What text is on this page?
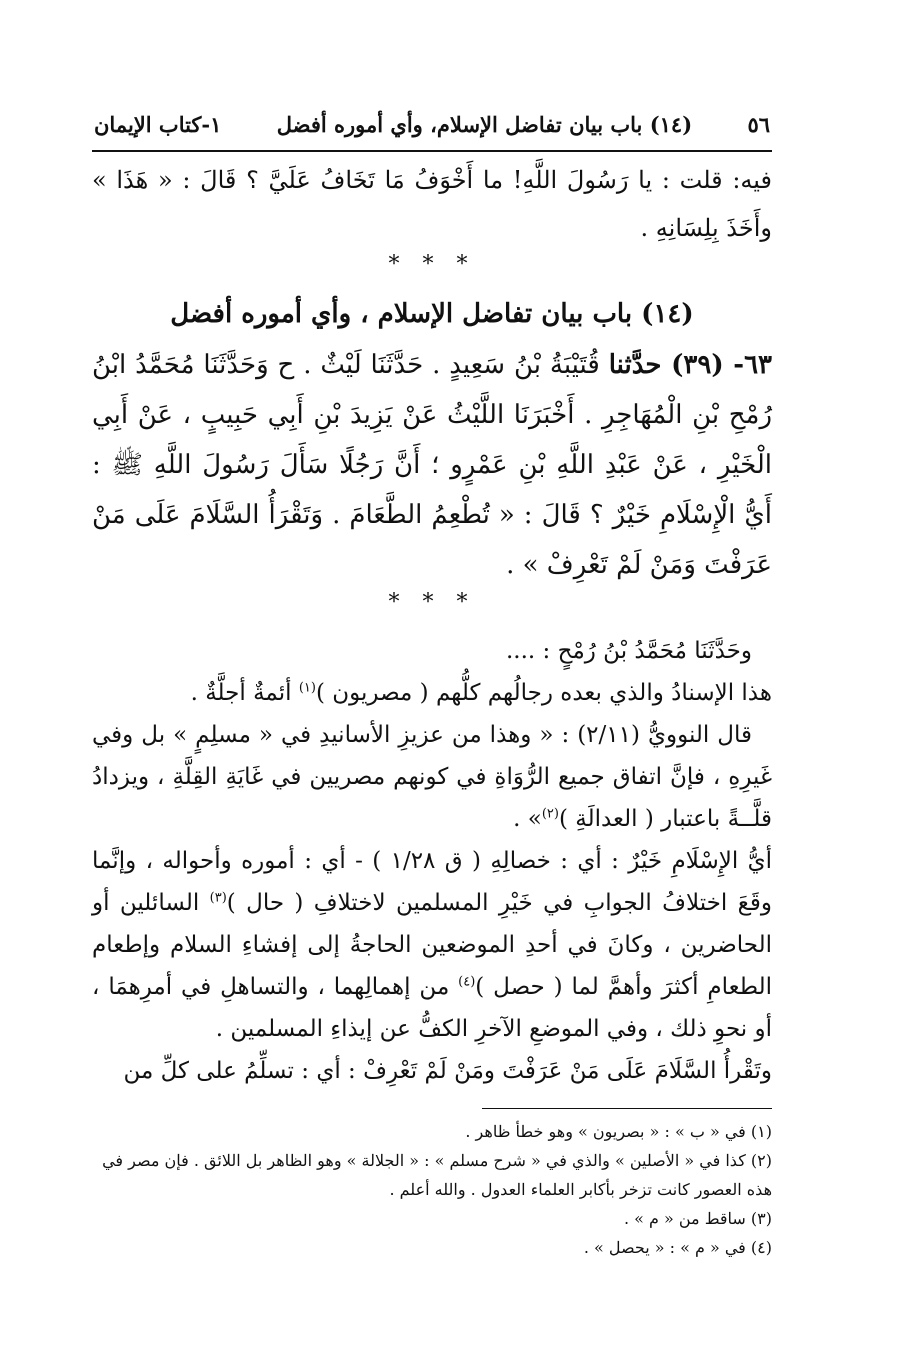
٥٦
(١٤) باب بيان تفاضل الإسلام، وأي أموره أفضل
١-كتاب الإيمان

فيه: قلت : يا رَسُولَ اللَّهِ! ما أَخْوَفُ مَا تَخَافُ عَلَيَّ ؟ قَالَ : « هَذَا » وأَخَذَ بِلِسَانِهِ .

* * *
(١٤) باب بيان تفاضل الإسلام ، وأي أموره أفضل

٦٣- (٣٩) حدَّثنا قُتَيْبَةُ بْنُ سَعِيدٍ . حَدَّثَنَا لَيْثٌ . ح وَحَدَّثَنَا مُحَمَّدُ ابْنُ رُمْحِ بْنِ الْمُهَاجِرِ . أَخْبَرَنَا اللَّيْثُ عَنْ يَزِيدَ بْنِ أَبِي حَبِيبٍ ، عَنْ أَبِي الْخَيْرِ ، عَنْ عَبْدِ اللَّهِ بْنِ عَمْرٍو ؛ أَنَّ رَجُلًا سَأَلَ رَسُولَ اللَّهِ ﷺ : أَيُّ الْإِسْلَامِ خَيْرٌ ؟ قَالَ : « تُطْعِمُ الطَّعَامَ . وَتَقْرَأُ السَّلَامَ عَلَى مَنْ عَرَفْتَ وَمَنْ لَمْ تَعْرِفْ » .

* * *

وحَدَّثَنَا مُحَمَّدُ بْنُ رُمْحٍ : ....

هذا الإسنادُ والذي بعده رجالُهم كلُّهم ( مصريون )$^{(١)}$ أئمةٌ أجلَّةٌ .

قال النوويُّ (٢/١١) : « وهذا من عزيزِ الأسانيدِ في « مسلِمٍ » بل وفي غَيرِهِ ، فإنَّ اتفاق جميع الرُّوَاةِ في كونهم مصريين في غَايَةِ القِلَّةِ ، ويزدادُ قلَّــةً باعتبار ( العدالَةِ )$^{(٢)}$» .

أيُّ الإِسْلَامِ خَيْرٌ : أي : خصالِهِ ( ق ١/٢٨ ) - أي : أموره وأحواله ، وإنَّما وقَعَ اختلافُ الجوابِ في خَيْرِ المسلمين لاختلافِ ( حال )$^{(٣)}$ السائلين أو الحاضرين ، وكانَ في أحدِ الموضعين الحاجةُ إلى إفشاءِ السلام وإطعام الطعامِ أكثرَ وأهمَّ لما ( حصل )$^{(٤)}$ من إهمالِهما ، والتساهلِ في أمرِهمَا ، أو نحوِ ذلك ، وفي الموضعِ الآخرِ الكفُّ عن إيذاءِ المسلمين .

وتَقْرأُ السَّلَامَ عَلَى مَنْ عَرَفْتَ ومَنْ لَمْ تَعْرِفْ : أي : تسلِّمُ على كلِّ من

(١) في « ب » : « بصريون » وهو خطأ ظاهر .

(٢) كذا في « الأصلين » والذي في « شرح مسلم » : « الجلالة » وهو الظاهر بل اللائق . فإن مصر في هذه العصور كانت تزخر بأكابر العلماء العدول . والله أعلم .

(٣) ساقط من « م » .

(٤) في « م » : « يحصل » .
